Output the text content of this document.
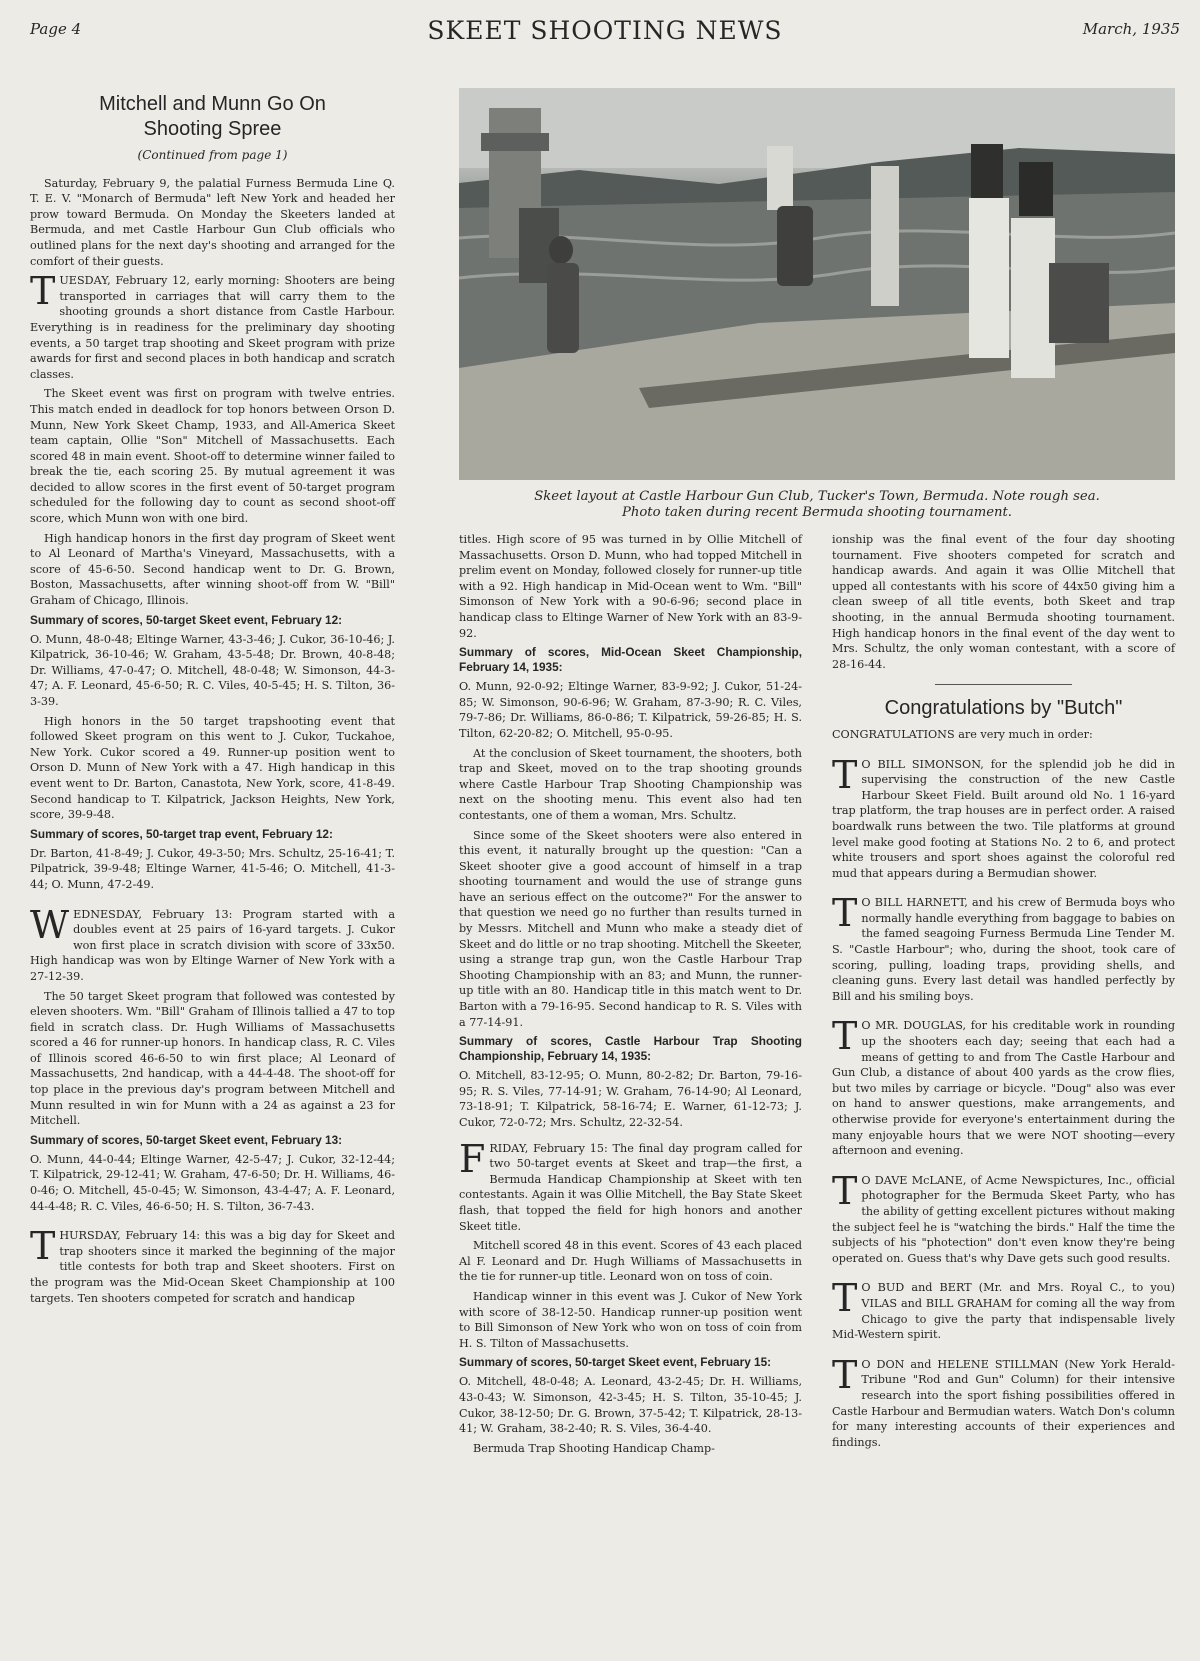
Page 4	SKEET SHOOTING NEWS	March, 1935
Mitchell and Munn Go On
Shooting Spree
(Continued from page 1)

Saturday, February 9, the palatial Furness Bermuda Line Q. T. E. V. "Monarch of Bermuda" left New York and headed her prow toward Bermuda. On Monday the Skeeters landed at Bermuda, and met Castle Harbour Gun Club officials who outlined plans for the next day's shooting and arranged for the comfort of their guests.

TUESDAY, February 12, early morning: Shooters are being transported in carriages that will carry them to the shooting grounds a short distance from Castle Harbour. Everything is in readiness for the preliminary day shooting events, a 50 target trap shooting and Skeet program with prize awards for first and second places in both handicap and scratch classes.

The Skeet event was first on program with twelve entries. This match ended in deadlock for top honors between Orson D. Munn, New York Skeet Champ, 1933, and All-America Skeet team captain, Ollie "Son" Mitchell of Massachusetts. Each scored 48 in main event. Shoot-off to determine winner failed to break the tie, each scoring 25. By mutual agreement it was decided to allow scores in the first event of 50-target program scheduled for the following day to count as second shoot-off score, which Munn won with one bird.

High handicap honors in the first day program of Skeet went to Al Leonard of Martha's Vineyard, Massachusetts, with a score of 45-6-50. Second handicap went to Dr. G. Brown, Boston, Massachusetts, after winning shoot-off from W. "Bill" Graham of Chicago, Illinois.

Summary of scores, 50-target Skeet event, February 12:

O. Munn, 48-0-48; Eltinge Warner, 43-3-46; J. Cukor, 36-10-46; J. Kilpatrick, 36-10-46; W. Graham, 43-5-48; Dr. Brown, 40-8-48; Dr. Williams, 47-0-47; O. Mitchell, 48-0-48; W. Simonson, 44-3-47; A. F. Leonard, 45-6-50; R. C. Viles, 40-5-45; H. S. Tilton, 36-3-39.

High honors in the 50 target trapshooting event that followed Skeet program on this went to J. Cukor, Tuckahoe, New York. Cukor scored a 49. Runner-up position went to Orson D. Munn of New York with a 47. High handicap in this event went to Dr. Barton, Canastota, New York, score, 41-8-49. Second handicap to T. Kilpatrick, Jackson Heights, New York, score, 39-9-48.

Summary of scores, 50-target trap event, February 12:

Dr. Barton, 41-8-49; J. Cukor, 49-3-50; Mrs. Schultz, 25-16-41; T. Pilpatrick, 39-9-48; Eltinge Warner, 41-5-46; O. Mitchell, 41-3-44; O. Munn, 47-2-49.

WEDNESDAY, February 13: Program started with a doubles event at 25 pairs of 16-yard targets. J. Cukor won first place in scratch division with score of 33x50. High handicap was won by Eltinge Warner of New York with a 27-12-39.

The 50 target Skeet program that followed was contested by eleven shooters. Wm. "Bill" Graham of Illinois tallied a 47 to top field in scratch class. Dr. Hugh Williams of Massachusetts scored a 46 for runner-up honors. In handicap class, R. C. Viles of Illinois scored 46-6-50 to win first place; Al Leonard of Massachusetts, 2nd handicap, with a 44-4-48. The shoot-off for top place in the previous day's program between Mitchell and Munn resulted in win for Munn with a 24 as against a 23 for Mitchell.

Summary of scores, 50-target Skeet event, February 13:

O. Munn, 44-0-44; Eltinge Warner, 42-5-47; J. Cukor, 32-12-44; T. Kilpatrick, 29-12-41; W. Graham, 47-6-50; Dr. H. Williams, 46-0-46; O. Mitchell, 45-0-45; W. Simonson, 43-4-47; A. F. Leonard, 44-4-48; R. C. Viles, 46-6-50; H. S. Tilton, 36-7-43.

THURSDAY, February 14: this was a big day for Skeet and trap shooters since it marked the beginning of the major title contests for both trap and Skeet shooters. First on the program was the Mid-Ocean Skeet Championship at 100 targets. Ten shooters competed for scratch and handicap

Skeet layout at Castle Harbour Gun Club, Tucker's Town, Bermuda. Note rough sea.
Photo taken during recent Bermuda shooting tournament.

titles. High score of 95 was turned in by Ollie Mitchell of Massachusetts. Orson D. Munn, who had topped Mitchell in prelim event on Monday, followed closely for runner-up title with a 92. High handicap in Mid-Ocean went to Wm. "Bill" Simonson of New York with a 90-6-96; second place in handicap class to Eltinge Warner of New York with an 83-9-92.

Summary of scores, Mid-Ocean Skeet Championship, February 14, 1935:

O. Munn, 92-0-92; Eltinge Warner, 83-9-92; J. Cukor, 51-24-85; W. Simonson, 90-6-96; W. Graham, 87-3-90; R. C. Viles, 79-7-86; Dr. Williams, 86-0-86; T. Kilpatrick, 59-26-85; H. S. Tilton, 62-20-82; O. Mitchell, 95-0-95.

At the conclusion of Skeet tournament, the shooters, both trap and Skeet, moved on to the trap shooting grounds where Castle Harbour Trap Shooting Championship was next on the shooting menu. This event also had ten contestants, one of them a woman, Mrs. Schultz.

Since some of the Skeet shooters were also entered in this event, it naturally brought up the question: "Can a Skeet shooter give a good account of himself in a trap shooting tournament and would the use of strange guns have an serious effect on the outcome?" For the answer to that question we need go no further than results turned in by Messrs. Mitchell and Munn who make a steady diet of Skeet and do little or no trap shooting. Mitchell the Skeeter, using a strange trap gun, won the Castle Harbour Trap Shooting Championship with an 83; and Munn, the runner-up title with an 80. Handicap title in this match went to Dr. Barton with a 79-16-95. Second handicap to R. S. Viles with a 77-14-91.

Summary of scores, Castle Harbour Trap Shooting Championship, February 14, 1935:

O. Mitchell, 83-12-95; O. Munn, 80-2-82; Dr. Barton, 79-16-95; R. S. Viles, 77-14-91; W. Graham, 76-14-90; Al Leonard, 73-18-91; T. Kilpatrick, 58-16-74; E. Warner, 61-12-73; J. Cukor, 72-0-72; Mrs. Schultz, 22-32-54.

FRIDAY, February 15: The final day program called for two 50-target events at Skeet and trap—the first, a Bermuda Handicap Championship at Skeet with ten contestants. Again it was Ollie Mitchell, the Bay State Skeet flash, that topped the field for high honors and another Skeet title.

Mitchell scored 48 in this event. Scores of 43 each placed Al F. Leonard and Dr. Hugh Williams of Massachusetts in the tie for runner-up title. Leonard won on toss of coin.

Handicap winner in this event was J. Cukor of New York with score of 38-12-50. Handicap runner-up position went to Bill Simonson of New York who won on toss of coin from H. S. Tilton of Massachusetts.

Summary of scores, 50-target Skeet event, February 15:

O. Mitchell, 48-0-48; A. Leonard, 43-2-45; Dr. H. Williams, 43-0-43; W. Simonson, 42-3-45; H. S. Tilton, 35-10-45; J. Cukor, 38-12-50; Dr. G. Brown, 37-5-42; T. Kilpatrick, 28-13-41; W. Graham, 38-2-40; R. S. Viles, 36-4-40.

Bermuda Trap Shooting Handicap Champ-

ionship was the final event of the four day shooting tournament. Five shooters competed for scratch and handicap awards. And again it was Ollie Mitchell that upped all contestants with his score of 44x50 giving him a clean sweep of all title events, both Skeet and trap shooting, in the annual Bermuda shooting tournament. High handicap honors in the final event of the day went to Mrs. Schultz, the only woman contestant, with a score of 28-16-44.

Congratulations by "Butch"

CONGRATULATIONS are very much in order:

T O BILL SIMONSON, for the splendid job he did in supervising the construction of the new Castle Harbour Skeet Field. Built around old No. 1 16-yard trap platform, the trap houses are in perfect order. A raised boardwalk runs between the two. Tile platforms at ground level make good footing at Stations No. 2 to 6, and protect white trousers and sport shoes against the coloroful red mud that appears during a Bermudian shower.

T O BILL HARNETT, and his crew of Bermuda boys who normally handle everything from baggage to babies on the famed seagoing Furness Bermuda Line Tender M. S. "Castle Harbour"; who, during the shoot, took care of scoring, pulling, loading traps, providing shells, and cleaning guns. Every last detail was handled perfectly by Bill and his smiling boys.

T O MR. DOUGLAS, for his creditable work in rounding up the shooters each day; seeing that each had a means of getting to and from The Castle Harbour and Gun Club, a distance of about 400 yards as the crow flies, but two miles by carriage or bicycle. "Doug" also was ever on hand to answer questions, make arrangements, and otherwise provide for everyone's entertainment during the many enjoyable hours that we were NOT shooting—every afternoon and evening.

T O DAVE McLANE, of Acme Newspictures, Inc., official photographer for the Bermuda Skeet Party, who has the ability of getting excellent pictures without making the subject feel he is "watching the birds." Half the time the subjects of his "photection" don't even know they're being operated on. Guess that's why Dave gets such good results.

T O BUD and BERT (Mr. and Mrs. Royal C., to you) VILAS and BILL GRAHAM for coming all the way from Chicago to give the party that indispensable lively Mid-Western spirit.

T O DON and HELENE STILLMAN (New York Herald-Tribune "Rod and Gun" Column) for their intensive research into the sport fishing possibilities offered in Castle Harbour and Bermudian waters. Watch Don's column for many interesting accounts of their experiences and findings.
